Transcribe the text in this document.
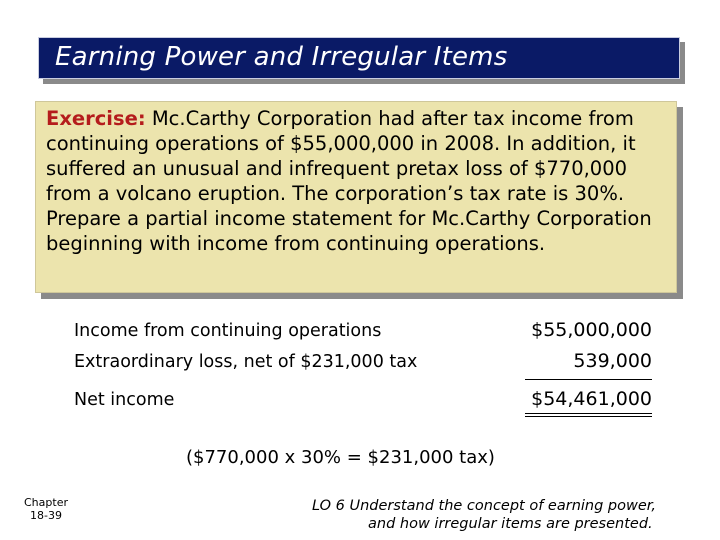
Earning Power and Irregular Items
Exercise: Mc.Carthy Corporation had after tax income from continuing operations of $55,000,000 in 2008. In addition, it suffered an unusual and infrequent pretax loss of $770,000 from a volcano eruption. The corporation’s tax rate is 30%. Prepare a partial income statement for Mc.Carthy Corporation beginning with income from continuing operations.
Income from continuing operations	$55,000,000
Extraordinary loss, net of $231,000 tax	539,000
Net income	$54,461,000
($770,000 x 30% = $231,000 tax)
Chapter
18-39
LO 6 Understand the concept of earning power,
and how irregular items are presented.
